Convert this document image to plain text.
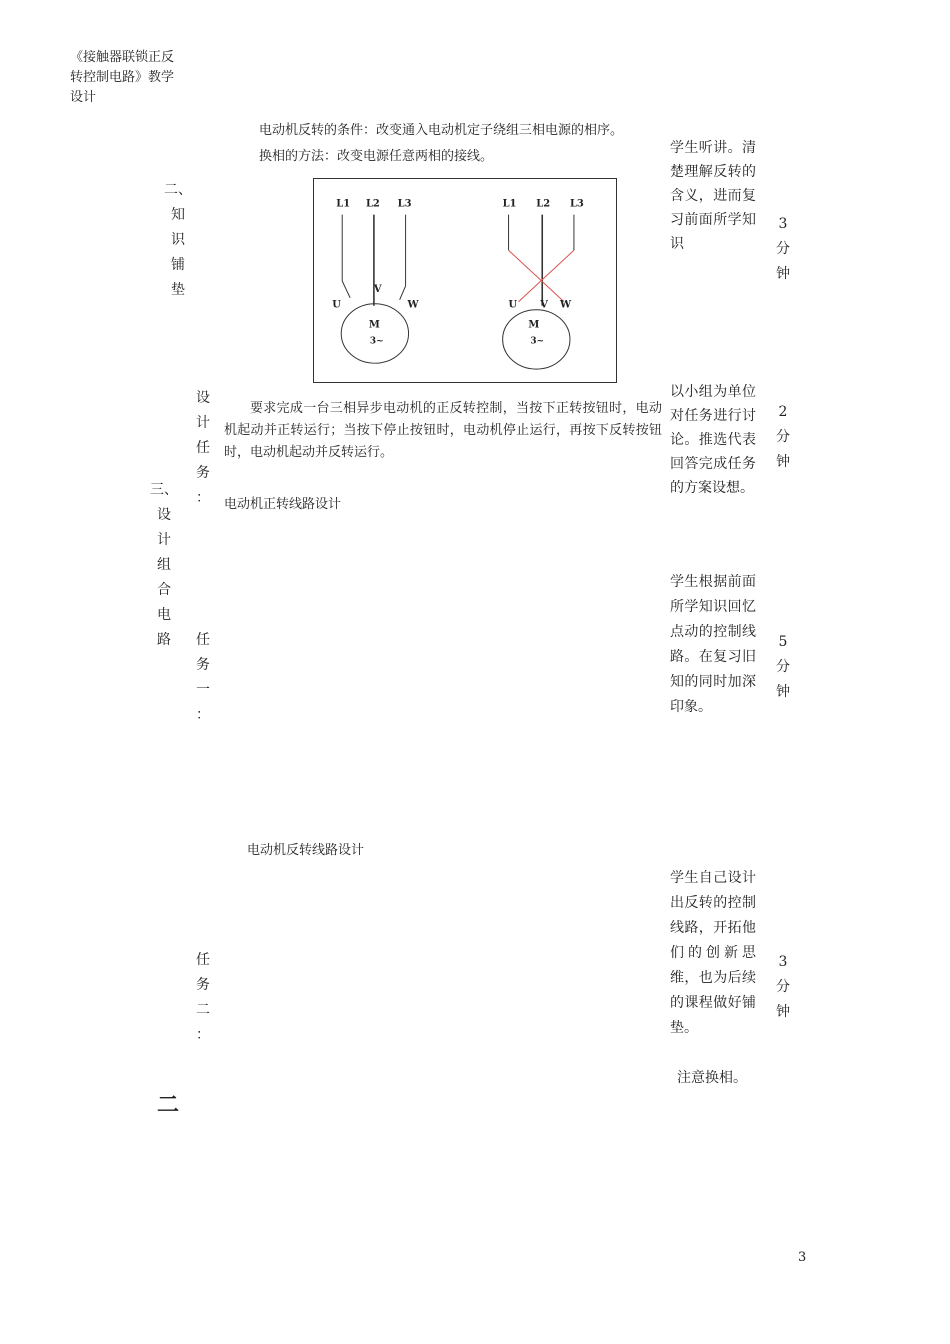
《接触器联锁正反转控制电路》教学设计
二、
知
识
铺
垫
电动机反转的条件：改变通入电动机定子绕组三相电源的相序。
换相的方法：改变电源任意两相的接线。
学生听讲。清楚理解反转的含义，进而复习前面所学知识
3
分
钟
L1 L2 L3
U
V
W
M
3~
L1 L2 L3
U V W
M
3~
三、
设
计
组
合
电
路
设
计
任
务
：
要求完成一台三相异步电动机的正反转控制，当按下正转按钮时，电动机起动并正转运行；当按下停止按钮时，电动机停止运行，再按下反转按钮时，电动机起动并反转运行。
以小组为单位对任务进行讨论。推选代表回答完成任务的方案设想。
2
分
钟
电动机正转线路设计
任
务
一
：
学生根据前面所学知识回忆点动的控制线路。在复习旧知的同时加深印象。
5
分
钟
电动机反转线路设计
任
务
二
：
学生自己设计出反转的控制线路，开拓他们的创新思维，也为后续的课程做好铺垫。
注意换相。
3
分
钟
二
3
